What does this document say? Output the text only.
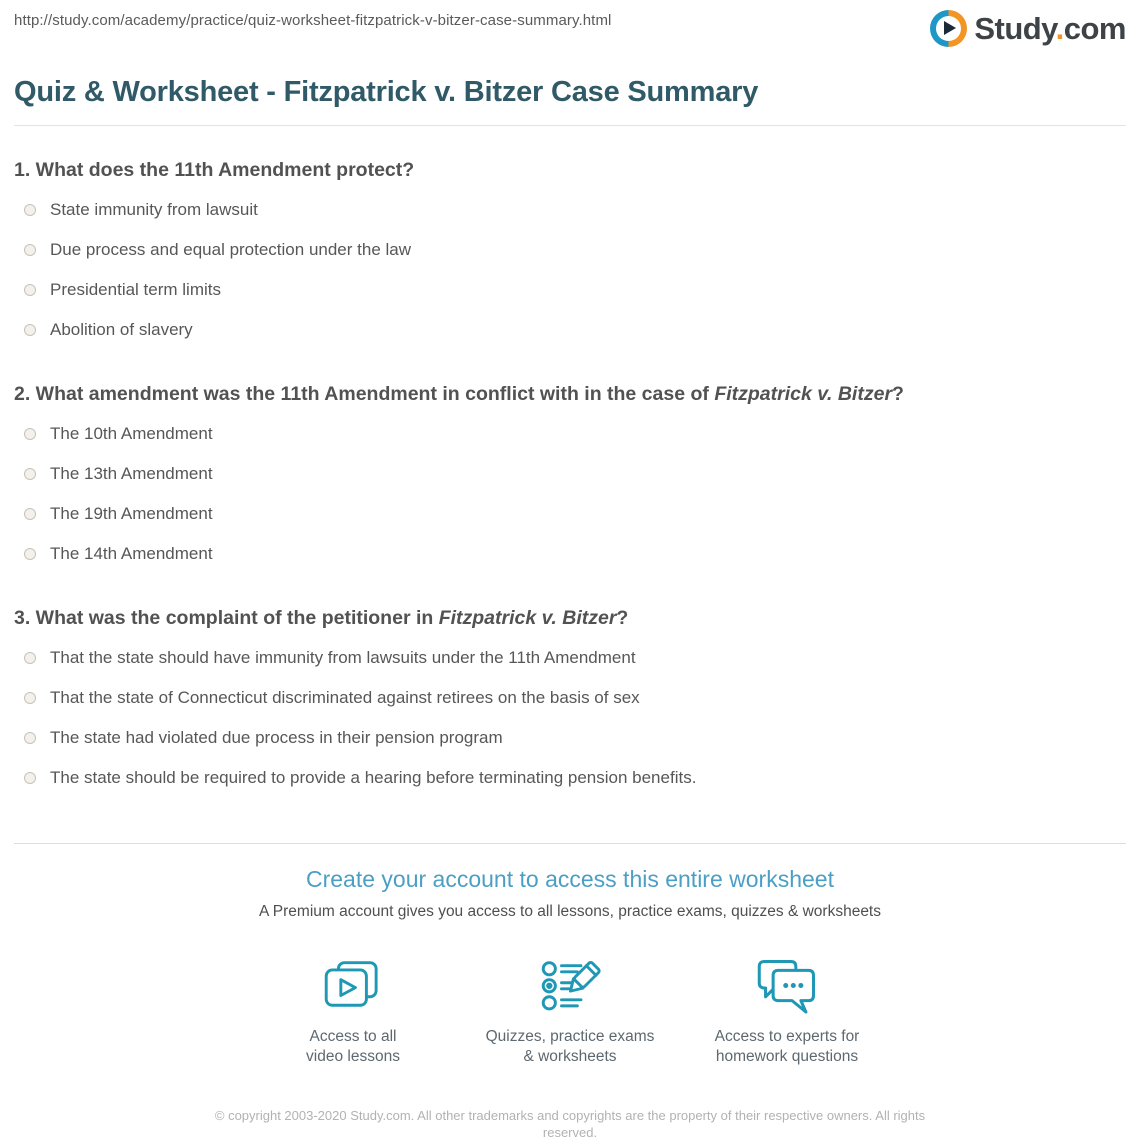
http://study.com/academy/practice/quiz-worksheet-fitzpatrick-v-bitzer-case-summary.html	Study.com
Quiz & Worksheet - Fitzpatrick v. Bitzer Case Summary
1. What does the 11th Amendment protect?
State immunity from lawsuit
Due process and equal protection under the law
Presidential term limits
Abolition of slavery
2. What amendment was the 11th Amendment in conflict with in the case of Fitzpatrick v. Bitzer?
The 10th Amendment
The 13th Amendment
The 19th Amendment
The 14th Amendment
3. What was the complaint of the petitioner in Fitzpatrick v. Bitzer?
That the state should have immunity from lawsuits under the 11th Amendment
That the state of Connecticut discriminated against retirees on the basis of sex
The state had violated due process in their pension program
The state should be required to provide a hearing before terminating pension benefits.
Create your account to access this entire worksheet
A Premium account gives you access to all lessons, practice exams, quizzes & worksheets
Access to all
video lessons
Quizzes, practice exams
& worksheets
Access to experts for
homework questions
© copyright 2003-2020 Study.com. All other trademarks and copyrights are the property of their respective owners. All rights reserved.
